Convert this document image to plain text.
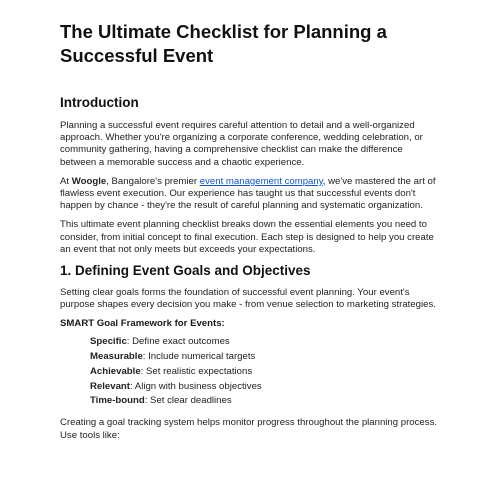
The Ultimate Checklist for Planning a Successful Event
Introduction

Planning a successful event requires careful attention to detail and a well-organized approach. Whether you're organizing a corporate conference, wedding celebration, or community gathering, having a comprehensive checklist can make the difference between a memorable success and a chaotic experience.

At Woogle, Bangalore's premier event management company, we've mastered the art of flawless event execution. Our experience has taught us that successful events don't happen by chance - they're the result of careful planning and systematic organization.

This ultimate event planning checklist breaks down the essential elements you need to consider, from initial concept to final execution. Each step is designed to help you create an event that not only meets but exceeds your expectations.

1. Defining Event Goals and Objectives

Setting clear goals forms the foundation of successful event planning. Your event's purpose shapes every decision you make - from venue selection to marketing strategies.

SMART Goal Framework for Events:
Specific: Define exact outcomes
Measurable: Include numerical targets
Achievable: Set realistic expectations
Relevant: Align with business objectives
Time-bound: Set clear deadlines

Creating a goal tracking system helps monitor progress throughout the planning process. Use tools like:
